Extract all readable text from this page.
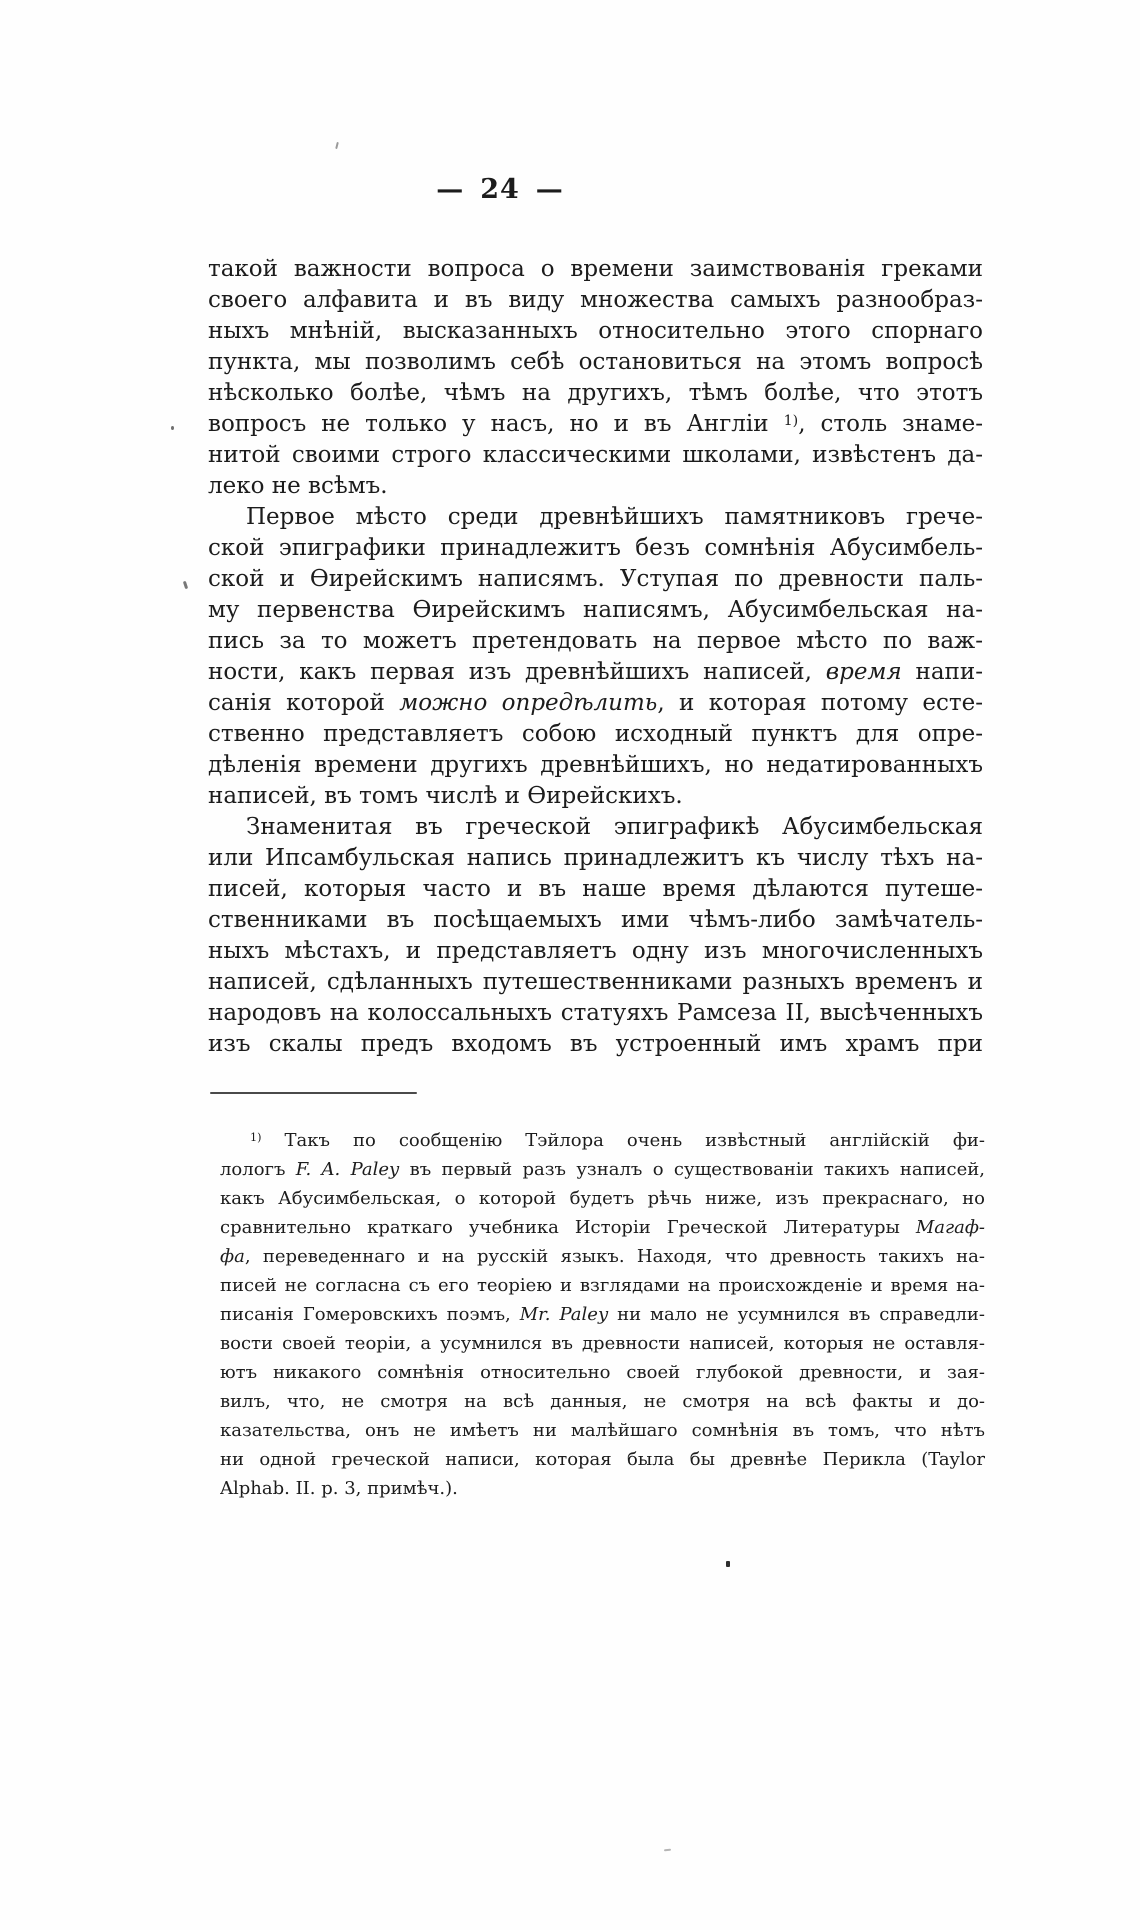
— 24 —
такой важности вопроса о времени заимствованія греками
своего алфавита и въ виду множества самыхъ разнообраз-
ныхъ мнѣній, высказанныхъ относительно этого спорнаго
пункта, мы позволимъ себѣ остановиться на этомъ вопросѣ
нѣсколько болѣе, чѣмъ на другихъ, тѣмъ болѣе, что этотъ
вопросъ не только у насъ, но и въ Англіи $^{1)}$, столь знаме-
нитой своими строго классическими школами, извѣстенъ да-
леко не всѣмъ.
Первое мѣсто среди древнѣйшихъ памятниковъ грече-
ской эпиграфики принадлежитъ безъ сомнѣнія Абусимбель-
ской и Ѳирейскимъ написямъ. Уступая по древности паль-
му первенства Ѳирейскимъ написямъ, Абусимбельская на-
пись за то можетъ претендовать на первое мѣсто по важ-
ности, какъ первая изъ древнѣйшихъ написей, время напи-
санія которой можно опредѣлить, и которая потому есте-
ственно представляетъ собою исходный пунктъ для опре-
дѣленія времени другихъ древнѣйшихъ, но недатированныхъ
написей, въ томъ числѣ и Ѳирейскихъ.
Знаменитая въ греческой эпиграфикѣ Абусимбельская
или Ипсамбульская напись принадлежитъ къ числу тѣхъ на-
писей, которыя часто и въ наше время дѣлаются путеше-
ственниками въ посѣщаемыхъ ими чѣмъ-либо замѣчатель-
ныхъ мѣстахъ, и представляетъ одну изъ многочисленныхъ
написей, сдѣланныхъ путешественниками разныхъ временъ и
народовъ на колоссальныхъ статуяхъ Рамсеза II, высѣченныхъ
изъ скалы предъ входомъ въ устроенный имъ храмъ при
$^{1)}$ Такъ по сообщенію Тэйлора очень извѣстный англійскій фи-
лологъ F. A. Paley въ первый разъ узналъ о существованіи такихъ написей,
какъ Абусимбельская, о которой будетъ рѣчь ниже, изъ прекраснаго, но
сравнительно краткаго учебника Исторіи Греческой Литературы Магаф-
фа, переведеннаго и на русскій языкъ. Находя, что древность такихъ на-
писей не согласна съ его теоріею и взглядами на происхожденіе и время на-
писанія Гомеровскихъ поэмъ, Mr. Paley ни мало не усумнился въ справедли-
вости своей теоріи, а усумнился въ древности написей, которыя не оставля-
ютъ никакого сомнѣнія относительно своей глубокой древности, и зая-
вилъ, что, не смотря на всѣ данныя, не смотря на всѣ факты и до-
казательства, онъ не имѣетъ ни малѣйшаго сомнѣнія въ томъ, что нѣтъ
ни одной греческой написи, которая была бы древнѣе Перикла (Taylor
Alphab. II. p. 3, примѣч.).
